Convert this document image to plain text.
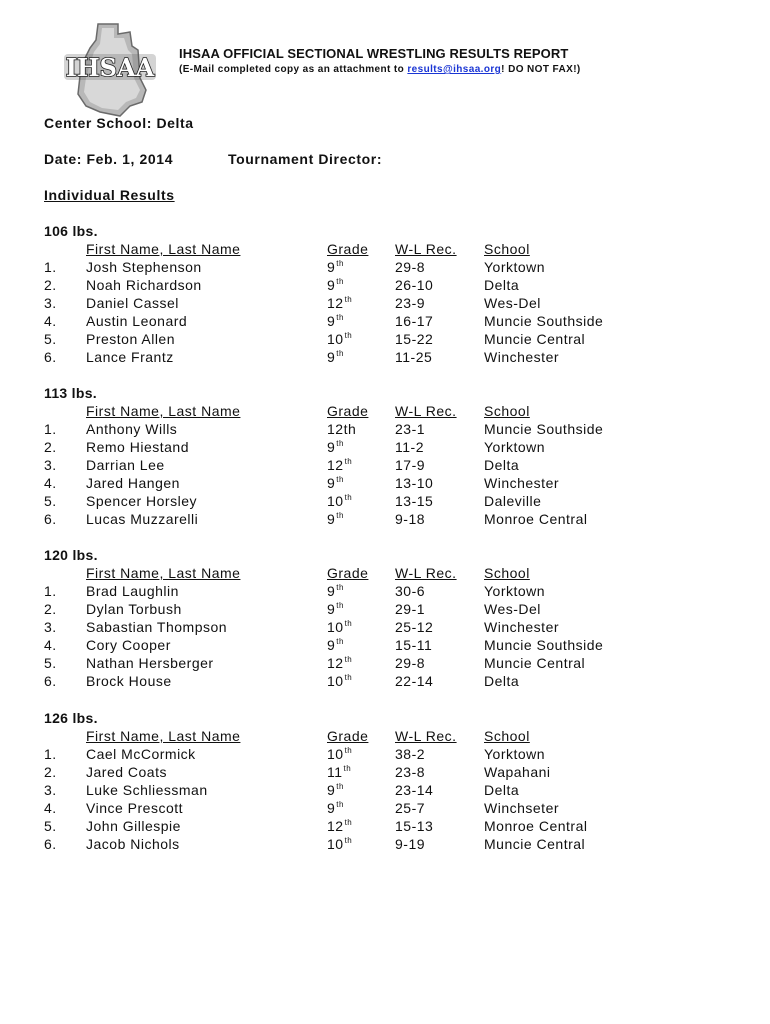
IHSAA IHSAA OFFICIAL SECTIONAL WRESTLING RESULTS REPORT
(E-Mail completed copy as an attachment to results@ihsaa.org! DO NOT FAX!)
Center School: Delta
Date: Feb. 1, 2014	Tournament Director:
Individual Results
106 lbs.
First Name, Last Name	Grade W-L Rec. School
1. Josh Stephenson	9th	29-8	Yorktown
2. Noah Richardson	9th	26-10	Delta
3. Daniel Cassel	12th	23-9	Wes-Del
4. Austin Leonard	9th	16-17	Muncie Southside
5. Preston Allen	10th	15-22	Muncie Central
6. Lance Frantz	9th	11-25	Winchester
113 lbs.
First Name, Last Name	Grade W-L Rec. School
1. Anthony Wills	12th	23-1	Muncie Southside
2. Remo Hiestand	9th	11-2	Yorktown
3. Darrian Lee	12th	17-9	Delta
4. Jared Hangen	9th	13-10	Winchester
5. Spencer Horsley	10th	13-15	Daleville
6. Lucas Muzzarelli	9th	9-18	Monroe Central
120 lbs.
First Name, Last Name	Grade W-L Rec. School
1. Brad Laughlin	9th	30-6	Yorktown
2. Dylan Torbush	9th	29-1	Wes-Del
3. Sabastian Thompson	10th	25-12	Winchester
4. Cory Cooper	9th	15-11	Muncie Southside
5. Nathan Hersberger	12th	29-8	Muncie Central
6. Brock House	10th	22-14	Delta
126 lbs.
First Name, Last Name	Grade W-L Rec. School
1. Cael McCormick	10th	38-2	Yorktown
2. Jared Coats	11th	23-8	Wapahani
3. Luke Schliessman	9th	23-14	Delta
4. Vince Prescott	9th	25-7	Winchseter
5. John Gillespie	12th	15-13	Monroe Central
6. Jacob Nichols	10th	9-19	Muncie Central
